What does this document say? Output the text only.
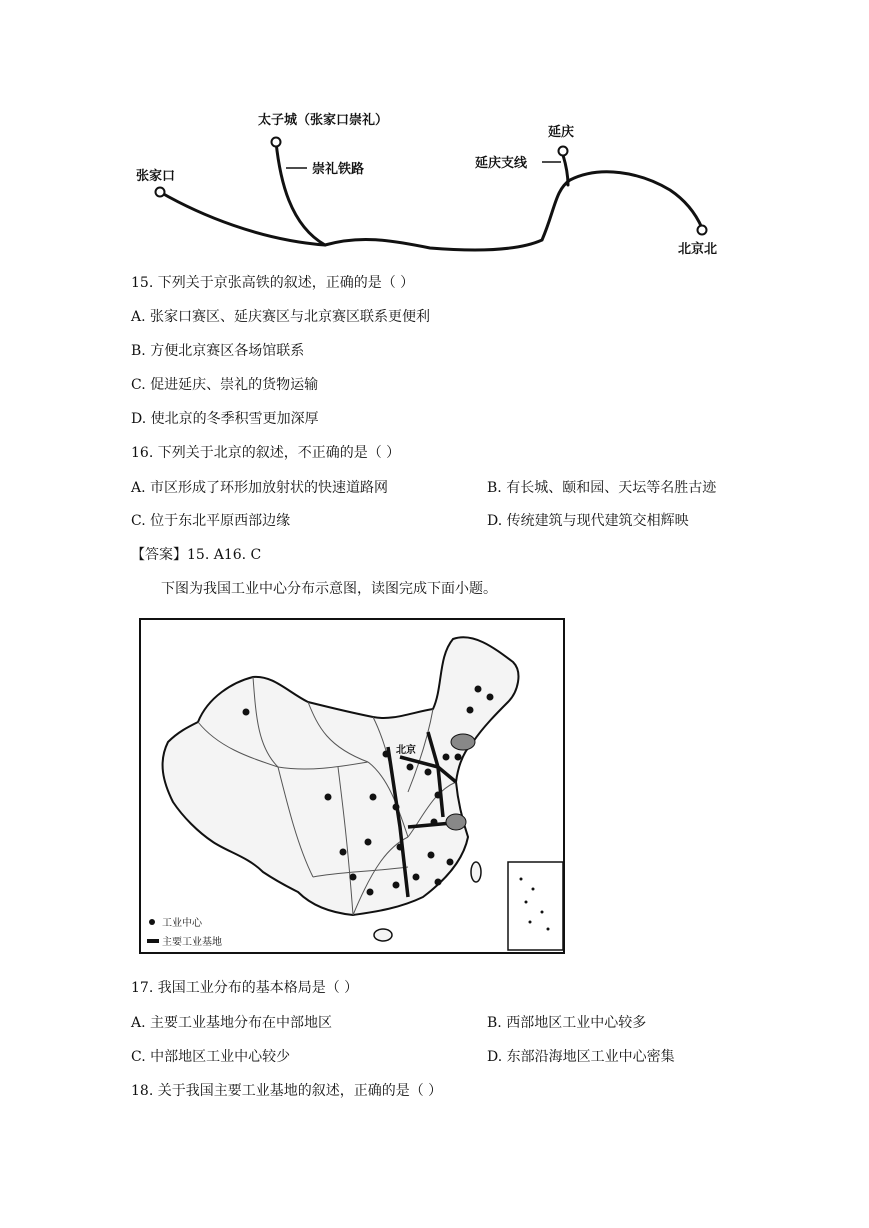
太子城（张家口崇礼）
张家口	崇礼铁路
延庆
延庆支线
北京北
15. 下列关于京张高铁的叙述，正确的是（ ）
A. 张家口赛区、延庆赛区与北京赛区联系更便利
B. 方便北京赛区各场馆联系
C. 促进延庆、崇礼的货物运输
D. 使北京的冬季积雪更加深厚
16. 下列关于北京的叙述，不正确的是（ ）
A. 市区形成了环形加放射状的快速道路网	B. 有长城、颐和园、天坛等名胜古迹
C. 位于东北平原西部边缘	D. 传统建筑与现代建筑交相辉映
【答案】15. A16. C
下图为我国工业中心分布示意图，读图完成下面小题。
北京
工业中心
主要工业基地
17. 我国工业分布的基本格局是（ ）
A. 主要工业基地分布在中部地区	B. 西部地区工业中心较多
C. 中部地区工业中心较少	D. 东部沿海地区工业中心密集
18. 关于我国主要工业基地的叙述，正确的是（ ）
